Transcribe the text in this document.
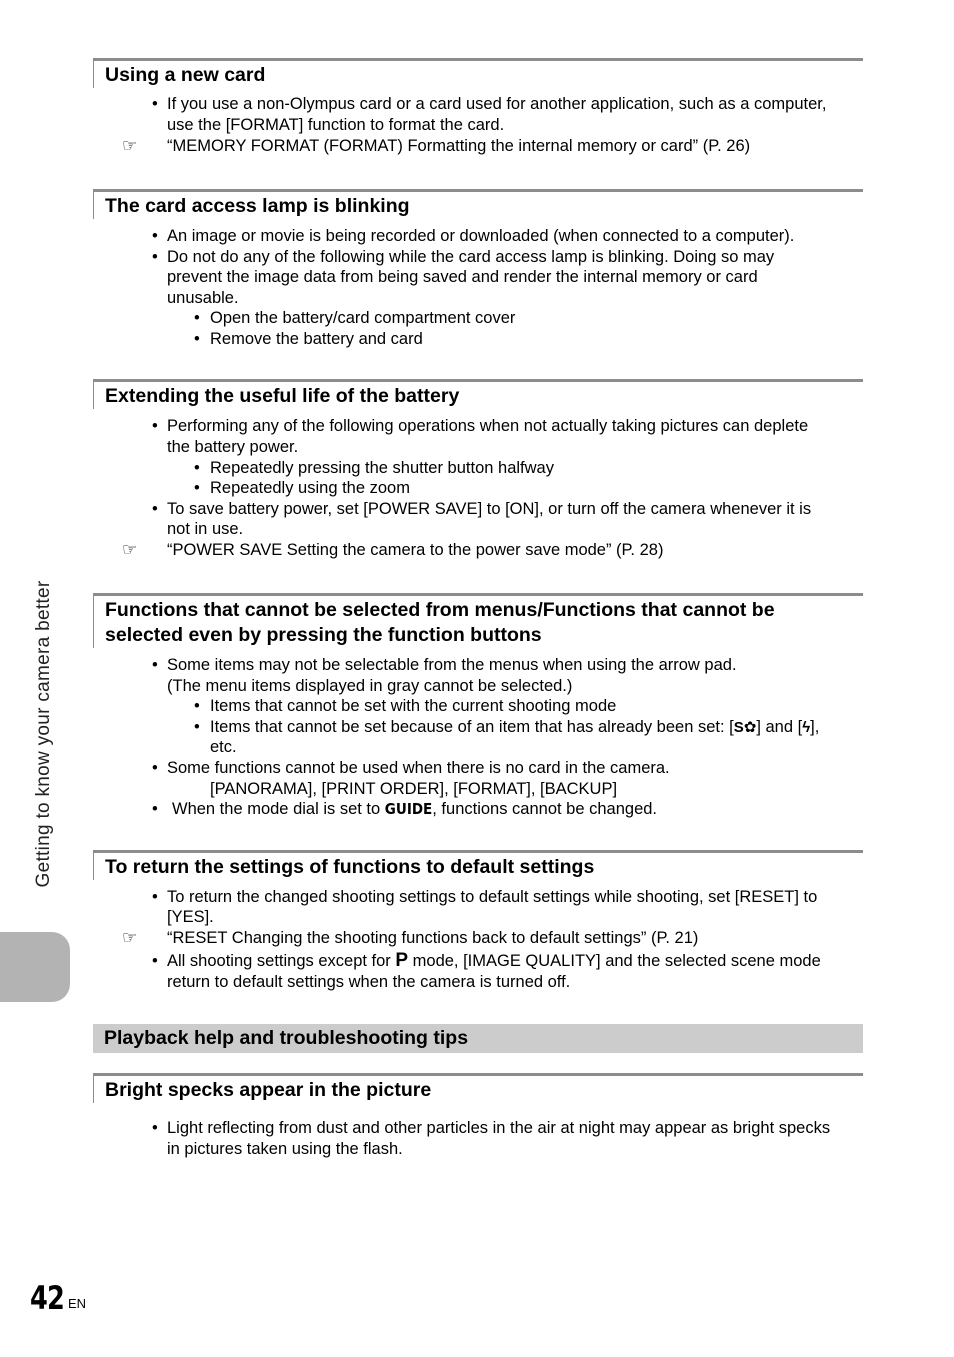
Getting to know your camera better
Using a new card
• If you use a non-Olympus card or a card used for another application, such as a computer,
use the [FORMAT] function to format the card.
☞ “MEMORY FORMAT (FORMAT) Formatting the internal memory or card” (P. 26)
The card access lamp is blinking
• An image or movie is being recorded or downloaded (when connected to a computer).
• Do not do any of the following while the card access lamp is blinking. Doing so may
prevent the image data from being saved and render the internal memory or card
unusable.
• Open the battery/card compartment cover
• Remove the battery and card
Extending the useful life of the battery
• Performing any of the following operations when not actually taking pictures can deplete
the battery power.
• Repeatedly pressing the shutter button halfway
• Repeatedly using the zoom
• To save battery power, set [POWER SAVE] to [ON], or turn off the camera whenever it is
not in use.
☞ “POWER SAVE Setting the camera to the power save mode” (P. 28)
Functions that cannot be selected from menus/Functions that cannot be
selected even by pressing the function buttons
• Some items may not be selectable from the menus when using the arrow pad.
(The menu items displayed in gray cannot be selected.)
• Items that cannot be set with the current shooting mode
• Items that cannot be set because of an item that has already been set: [S✿] and [ϟ],
etc.
• Some functions cannot be used when there is no card in the camera.
[PANORAMA], [PRINT ORDER], [FORMAT], [BACKUP]
• When the mode dial is set to GUIDE, functions cannot be changed.
To return the settings of functions to default settings
• To return the changed shooting settings to default settings while shooting, set [RESET] to
[YES].
☞ “RESET Changing the shooting functions back to default settings” (P. 21)
• All shooting settings except for P mode, [IMAGE QUALITY] and the selected scene mode
return to default settings when the camera is turned off.
Playback help and troubleshooting tips
Bright specks appear in the picture
• Light reflecting from dust and other particles in the air at night may appear as bright specks
in pictures taken using the flash.
42 EN
